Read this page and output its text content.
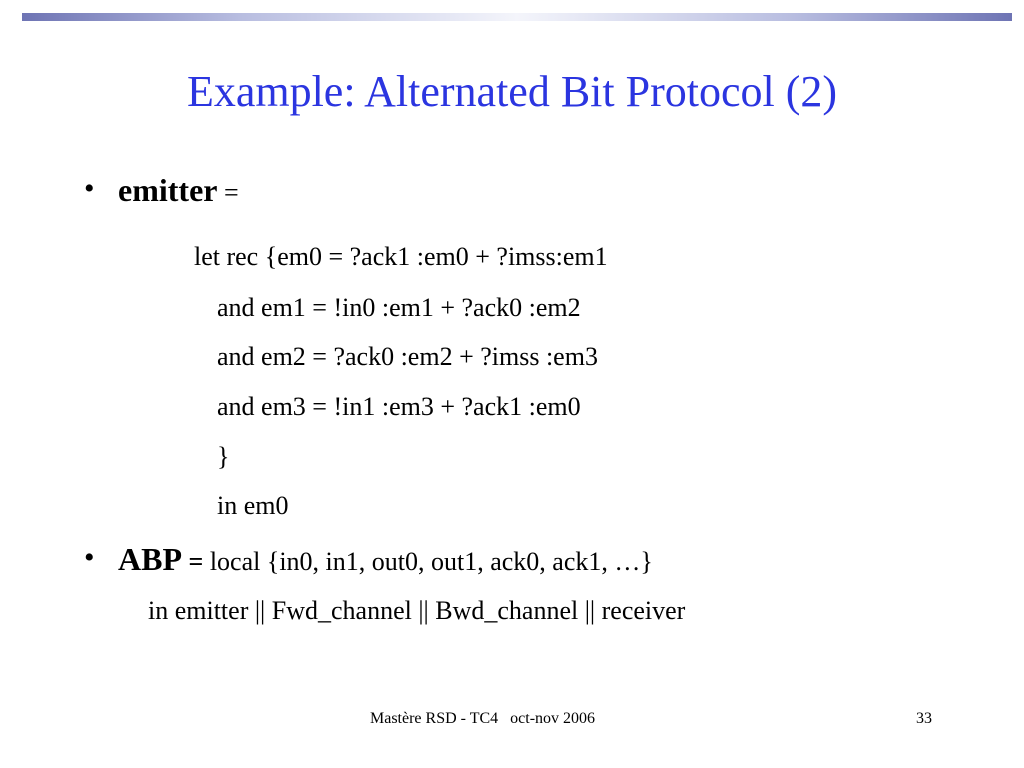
Example: Alternated Bit Protocol (2)
• emitter =
let rec {em0 = ?ack1 :em0 + ?imss:em1
and em1 = !in0 :em1 + ?ack0 :em2
and em2 = ?ack0 :em2 + ?imss :em3
and em3 = !in1 :em3 + ?ack1 :em0
}
in em0
• ABP = local {in0, in1, out0, out1, ack0, ack1, …}
in emitter || Fwd_channel || Bwd_channel || receiver
Mastère RSD - TC4   oct-nov 2006	33
